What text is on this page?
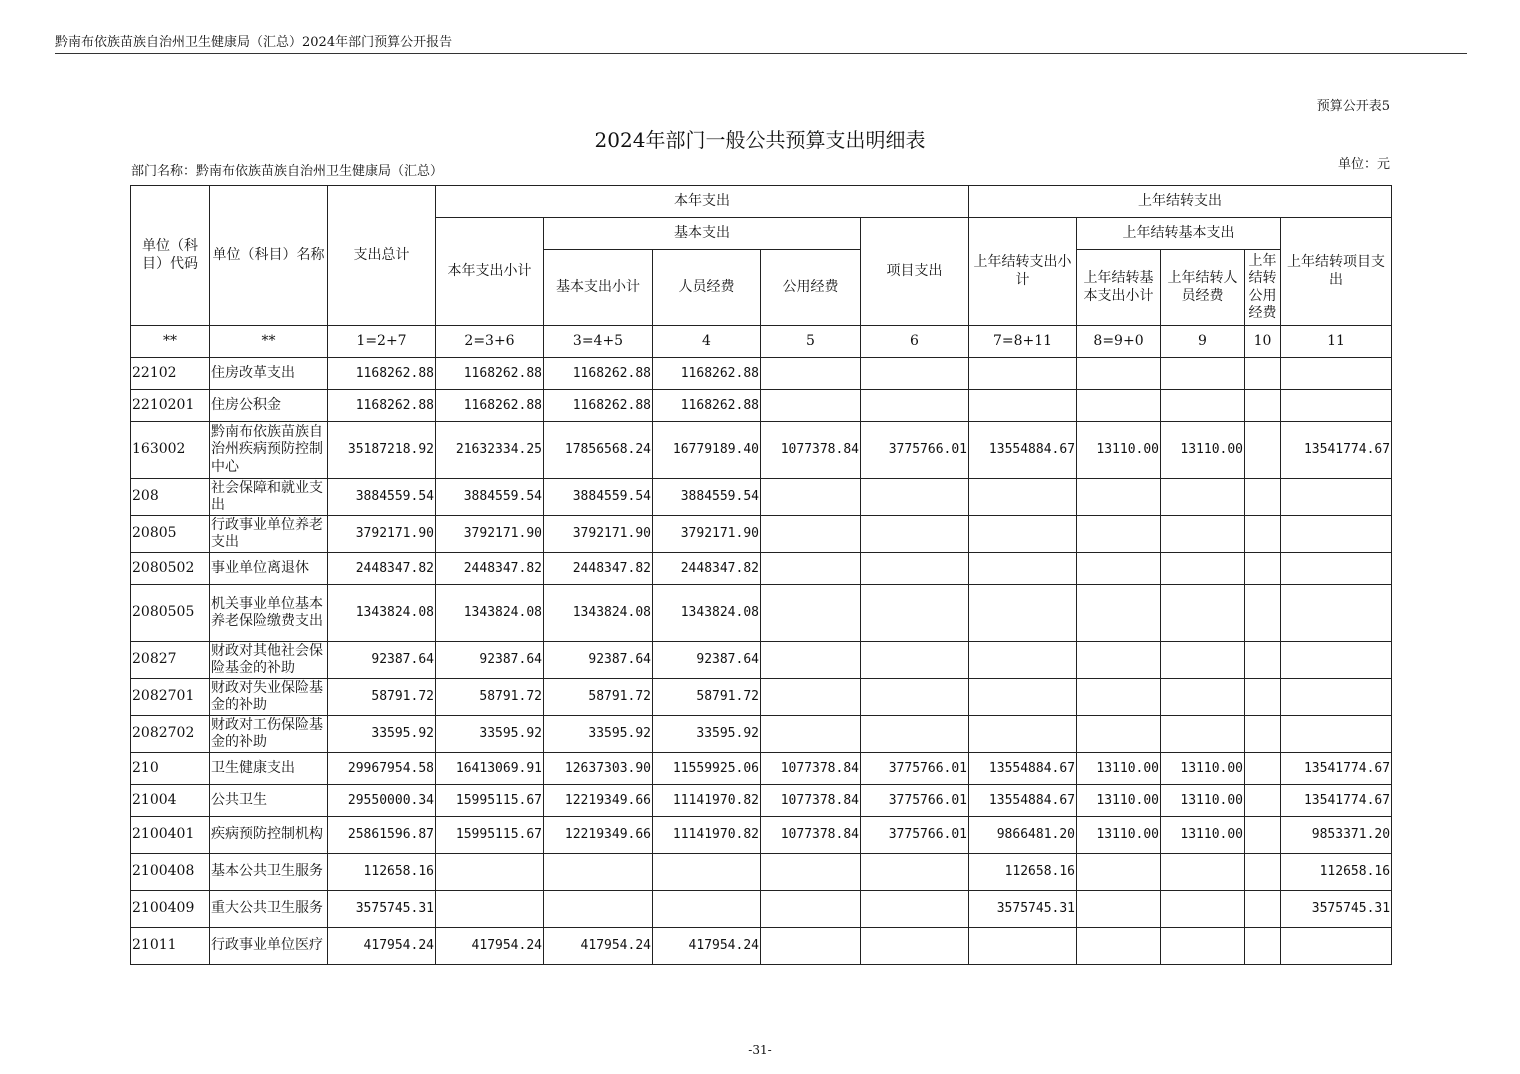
黔南布依族苗族自治州卫生健康局（汇总）2024年部门预算公开报告
预算公开表5
2024年部门一般公共预算支出明细表
部门名称：黔南布依族苗族自治州卫生健康局（汇总）	单位：元
单位（科目）代码	单位（科目）名称	支出总计	本年支出					上年结转支出				
			本年支出小计	基本支出			项目支出	上年结转支出小计	上年结转基本支出			上年结转项目支出
				基本支出小计	人员经费	公用经费			上年结转基本支出小计	上年结转人员经费	上年结转公用经费	
**	**	1=2+7	2=3+6	3=4+5	4	5	6	7=8+11	8=9+0	9	10	11
22102	住房改革支出	1168262.88	1168262.88	1168262.88	1168262.88							
2210201	住房公积金	1168262.88	1168262.88	1168262.88	1168262.88							
163002	黔南布依族苗族自治州疾病预防控制中心	35187218.92	21632334.25	17856568.24	16779189.40	1077378.84	3775766.01	13554884.67	13110.00	13110.00		13541774.67
208	社会保障和就业支出	3884559.54	3884559.54	3884559.54	3884559.54							
20805	行政事业单位养老支出	3792171.90	3792171.90	3792171.90	3792171.90							
2080502	事业单位离退休	2448347.82	2448347.82	2448347.82	2448347.82							
2080505	机关事业单位基本养老保险缴费支出	1343824.08	1343824.08	1343824.08	1343824.08							
20827	财政对其他社会保险基金的补助	92387.64	92387.64	92387.64	92387.64							
2082701	财政对失业保险基金的补助	58791.72	58791.72	58791.72	58791.72							
2082702	财政对工伤保险基金的补助	33595.92	33595.92	33595.92	33595.92							
210	卫生健康支出	29967954.58	16413069.91	12637303.90	11559925.06	1077378.84	3775766.01	13554884.67	13110.00	13110.00		13541774.67
21004	公共卫生	29550000.34	15995115.67	12219349.66	11141970.82	1077378.84	3775766.01	13554884.67	13110.00	13110.00		13541774.67
2100401	疾病预防控制机构	25861596.87	15995115.67	12219349.66	11141970.82	1077378.84	3775766.01	9866481.20	13110.00	13110.00		9853371.20
2100408	基本公共卫生服务	112658.16						112658.16				112658.16
2100409	重大公共卫生服务	3575745.31						3575745.31				3575745.31
21011	行政事业单位医疗	417954.24	417954.24	417954.24	417954.24							
-31-
